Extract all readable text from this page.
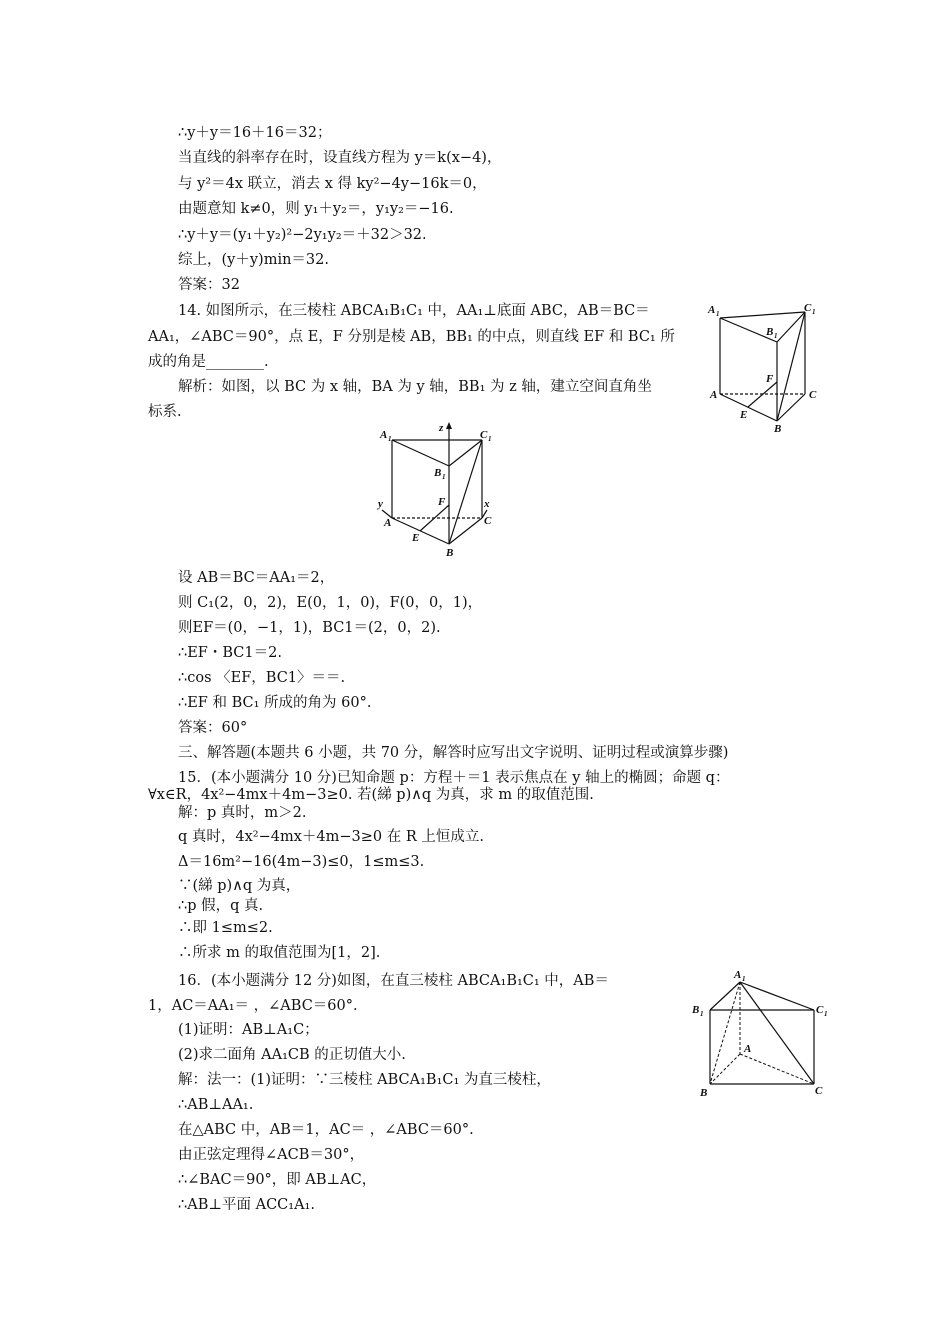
∴y＋y＝16＋16＝32；
当直线的斜率存在时，设直线方程为 y＝k(x−4)，
与 y²＝4x 联立，消去 x 得 ky²−4y−16k＝0，
由题意知 k≠0，则 y₁＋y₂＝，y₁y₂＝−16.
∴y＋y＝(y₁＋y₂)²−2y₁y₂＝＋32＞32.
综上，(y＋y)min＝32.
答案：32
14. 如图所示，在三棱柱 ABCA₁B₁C₁ 中，AA₁⊥底面 ABC，AB＝BC＝
AA₁，∠ABC＝90°，点 E，F 分别是棱 AB，BB₁ 的中点，则直线 EF 和 BC₁ 所
成的角是________.
解析：如图，以 BC 为 x 轴，BA 为 y 轴，BB₁ 为 z 轴，建立空间直角坐
标系.
设 AB＝BC＝AA₁＝2，
则 C₁(2，0，2)，E(0，1，0)，F(0，0，1)，
则EF＝(0，−1，1)，BC1＝(2，0，2).
∴EF・BC1＝2.
∴cos 〈EF，BC1〉＝＝.
∴EF 和 BC₁ 所成的角为 60°.
答案：60°
三、解答题(本题共 6 小题，共 70 分，解答时应写出文字说明、证明过程或演算步骤)
15．(本小题满分 10 分)已知命题 p：方程＋＝1 表示焦点在 y 轴上的椭圆；命题 q：
∀x∈R，4x²−4mx＋4m−3≥0. 若(綈 p)∧q 为真，求 m 的取值范围.
解：p 真时，m＞2.
q 真时，4x²−4mx＋4m−3≥0 在 R 上恒成立.
Δ＝16m²−16(4m−3)≤0，1≤m≤3.
∵(綈 p)∧q 为真，
∴p 假，q 真.
∴即 1≤m≤2.
∴所求 m 的取值范围为[1，2].
16．(本小题满分 12 分)如图，在直三棱柱 ABCA₁B₁C₁ 中，AB＝
1，AC＝AA₁＝ ，∠ABC＝60°.
(1)证明：AB⊥A₁C；
(2)求二面角 AA₁CB 的正切值大小.
解：法一：(1)证明：∵三棱柱 ABCA₁B₁C₁ 为直三棱柱，
∴AB⊥AA₁.
在△ABC 中，AB＝1，AC＝ ，∠ABC＝60°.
由正弦定理得∠ACB＝30°，
∴∠BAC＝90°，即 AB⊥AC，
∴AB⊥平面 ACC₁A₁.
A 1	C 1
B 1
F
A	C
E
B
A 1	C 1
z
B 1
y	F	x
A	C
E
B
A 1
B 1	C 1
A
B	C
